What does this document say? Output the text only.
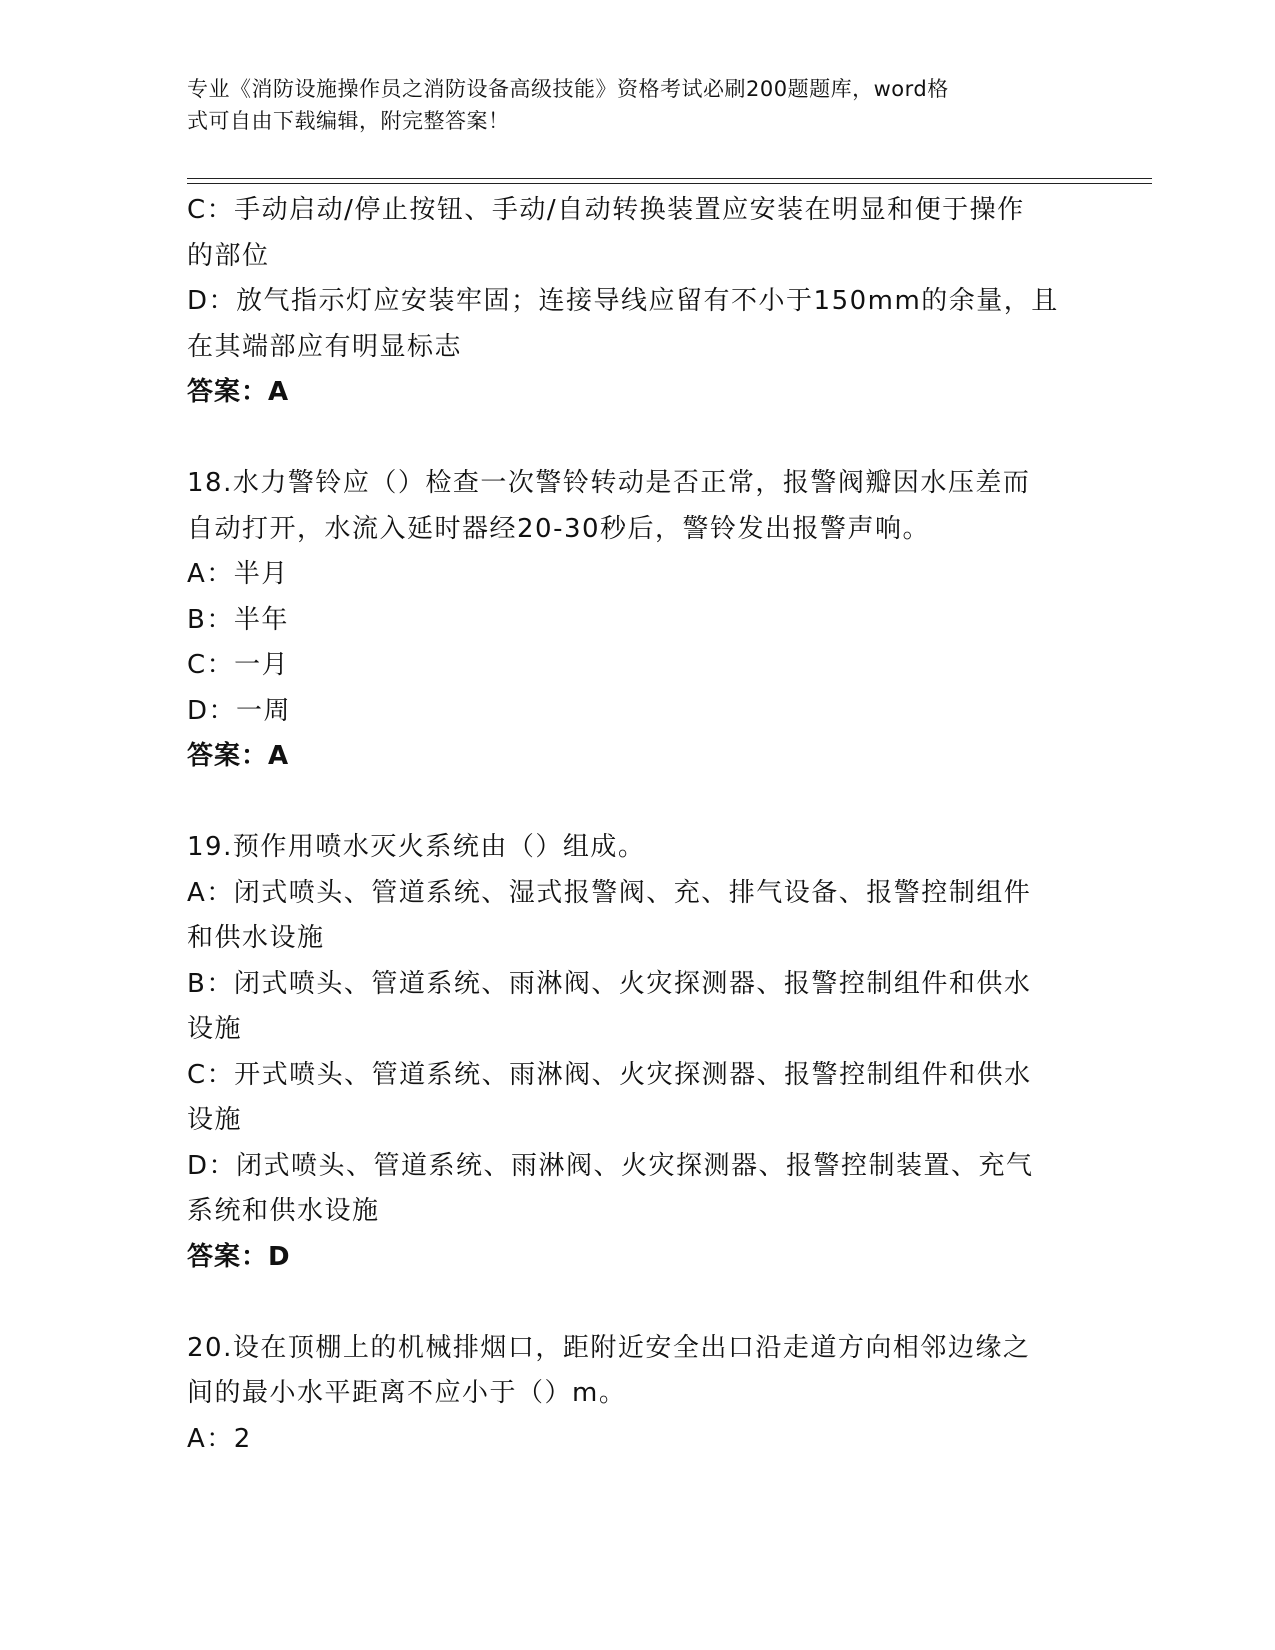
专业《消防设施操作员之消防设备高级技能》资格考试必刷200题题库，word格
式可自由下载编辑，附完整答案！
C：手动启动/停止按钮、手动/自动转换装置应安装在明显和便于操作
的部位
D：放气指示灯应安装牢固；连接导线应留有不小于150mm的余量，且
在其端部应有明显标志
答案：A
18.水力警铃应（）检查一次警铃转动是否正常，报警阀瓣因水压差而
自动打开，水流入延时器经20-30秒后，警铃发出报警声响。
A：半月
B：半年
C：一月
D：一周
答案：A
19.预作用喷水灭火系统由（）组成。
A：闭式喷头、管道系统、湿式报警阀、充、排气设备、报警控制组件
和供水设施
B：闭式喷头、管道系统、雨淋阀、火灾探测器、报警控制组件和供水
设施
C：开式喷头、管道系统、雨淋阀、火灾探测器、报警控制组件和供水
设施
D：闭式喷头、管道系统、雨淋阀、火灾探测器、报警控制装置、充气
系统和供水设施
答案：D
20.设在顶棚上的机械排烟口，距附近安全出口沿走道方向相邻边缘之
间的最小水平距离不应小于（）m。
A：2
